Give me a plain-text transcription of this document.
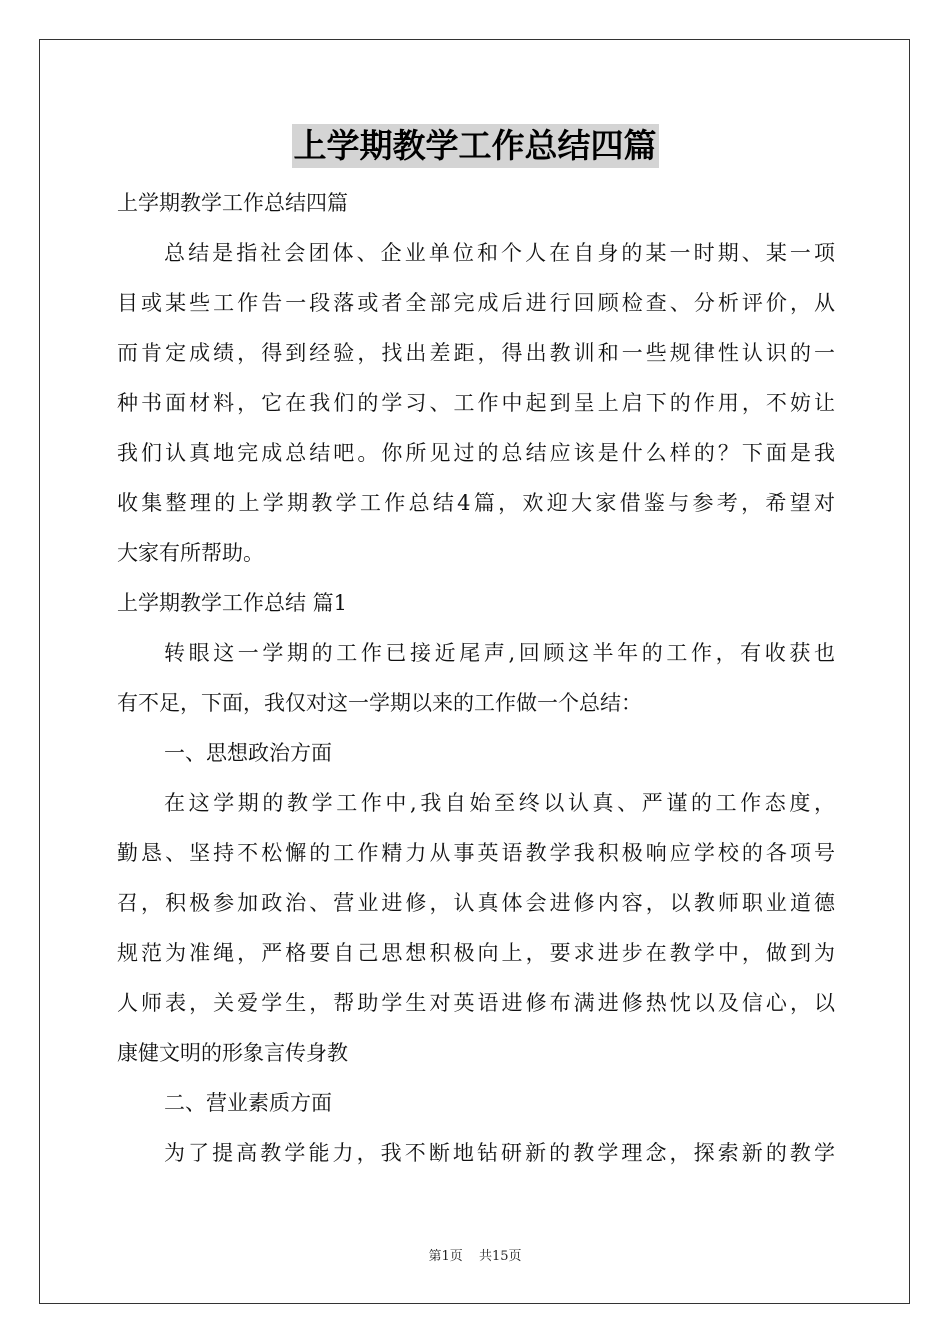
上学期教学工作总结四篇
上学期教学工作总结四篇
总结是指社会团体、企业单位和个人在自身的某一时期、某一项
目或某些工作告一段落或者全部完成后进行回顾检查、分析评价，从
而肯定成绩，得到经验，找出差距，得出教训和一些规律性认识的一
种书面材料，它在我们的学习、工作中起到呈上启下的作用，不妨让
我们认真地完成总结吧。你所见过的总结应该是什么样的？下面是我
收集整理的上学期教学工作总结4篇，欢迎大家借鉴与参考，希望对
大家有所帮助。
上学期教学工作总结 篇1
转眼这一学期的工作已接近尾声,回顾这半年的工作，有收获也
有不足，下面，我仅对这一学期以来的工作做一个总结：
一、思想政治方面
在这学期的教学工作中,我自始至终以认真、严谨的工作态度，
勤恳、坚持不松懈的工作精力从事英语教学我积极响应学校的各项号
召，积极参加政治、营业进修，认真体会进修内容，以教师职业道德
规范为准绳，严格要自己思想积极向上，要求进步在教学中，做到为
人师表，关爱学生，帮助学生对英语进修布满进修热忱以及信心，以
康健文明的形象言传身教
二、营业素质方面
为了提高教学能力，我不断地钻研新的教学理念，探索新的教学
第1页 共15页
